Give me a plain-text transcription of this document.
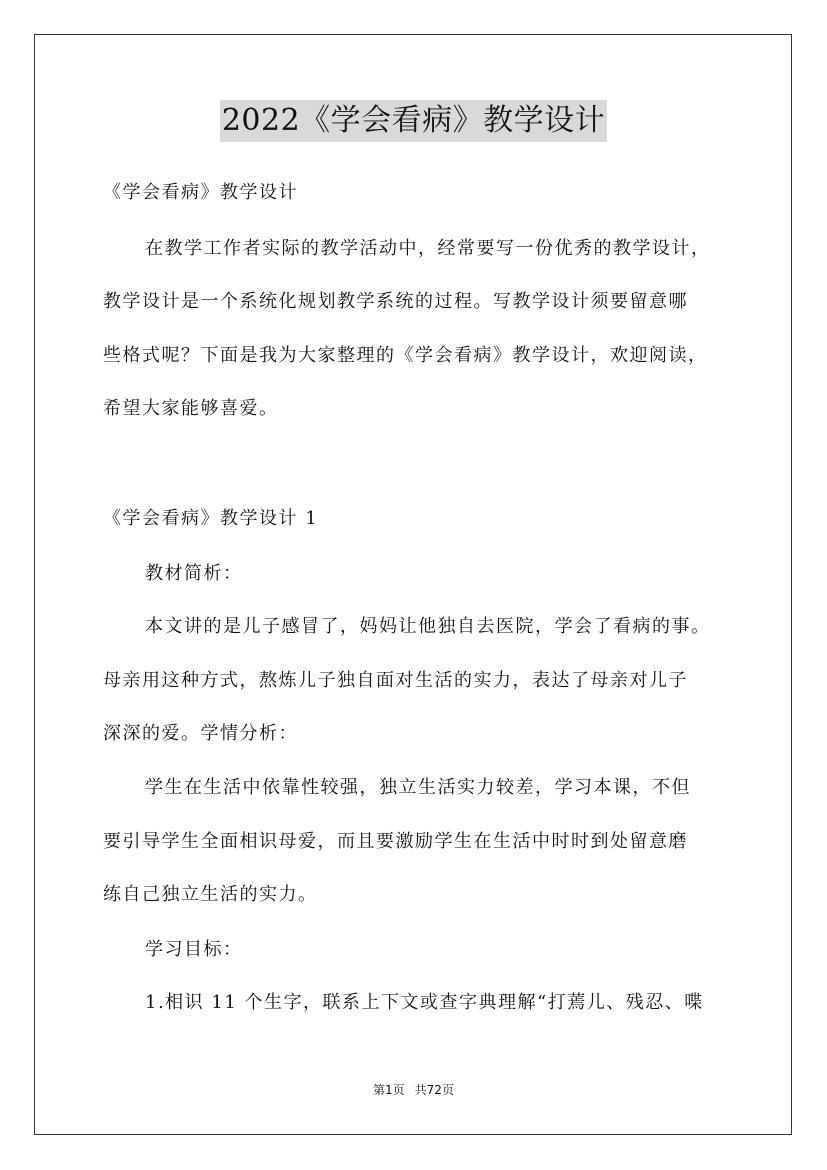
2022《学会看病》教学设计
《学会看病》教学设计
在教学工作者实际的教学活动中，经常要写一份优秀的教学设计，
教学设计是一个系统化规划教学系统的过程。写教学设计须要留意哪
些格式呢？下面是我为大家整理的《学会看病》教学设计，欢迎阅读，
希望大家能够喜爱。
《学会看病》教学设计 1
教材简析：
本文讲的是儿子感冒了，妈妈让他独自去医院，学会了看病的事。
母亲用这种方式，熬炼儿子独自面对生活的实力，表达了母亲对儿子
深深的爱。学情分析：
学生在生活中依靠性较强，独立生活实力较差，学习本课，不但
要引导学生全面相识母爱，而且要激励学生在生活中时时到处留意磨
练自己独立生活的实力。
学习目标：
1.相识 11 个生字，联系上下文或查字典理解“打蔫儿、残忍、喋
第1页 共72页
